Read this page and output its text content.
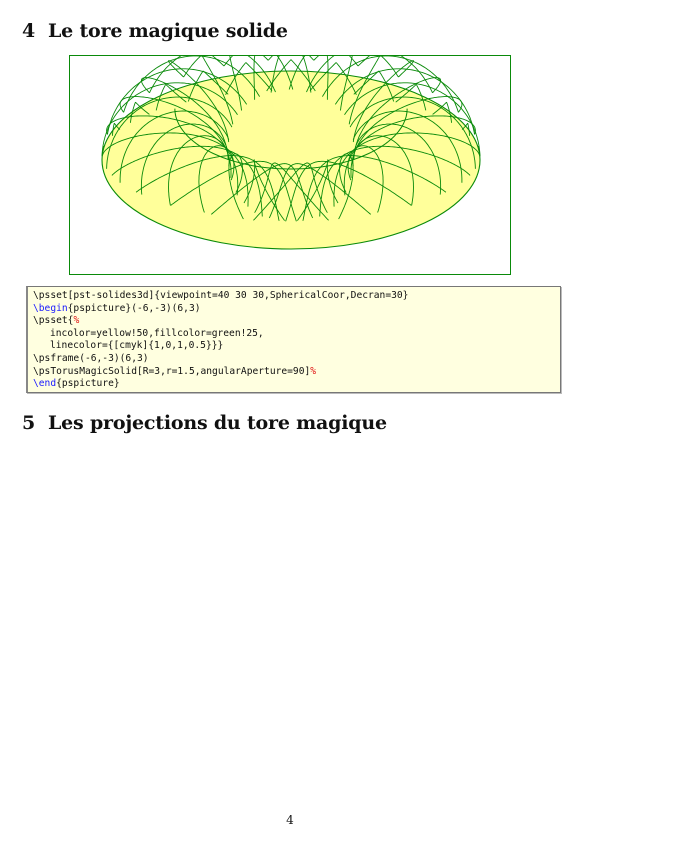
4 Le tore magique solide
\psset[pst-solides3d]{viewpoint=40 30 30,SphericalCoor,Decran=30}
\begin{pspicture}(-6,-3)(6,3)
\psset{%
incolor=yellow!50,fillcolor=green!25,
linecolor={[cmyk]{1,0,1,0.5}}}
\psframe(-6,-3)(6,3)
\psTorusMagicSolid[R=3,r=1.5,angularAperture=90]%
\end{pspicture}
5 Les projections du tore magique
4
